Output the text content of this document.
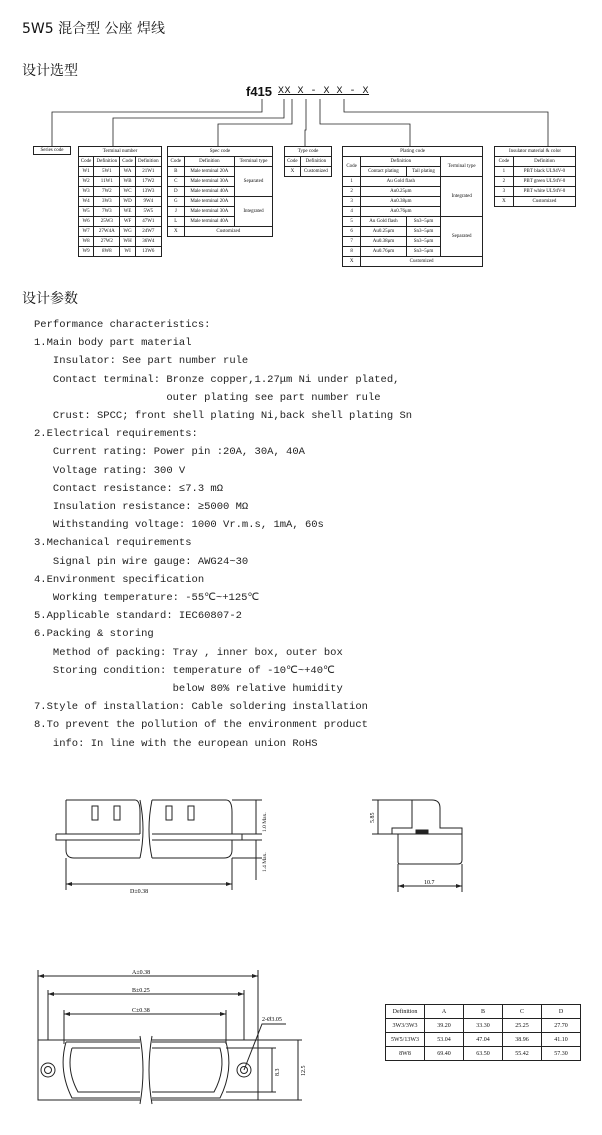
5W5 混合型 公座 焊线
设计选型
设计参数
f415 XX X - X X - X
Series code	Terminal number			
Code	Definition	Code	Definition
W1	5W1	WA	21W1
W2	11W1	WB	17W2
W3	7W2	WC	13W3
W4	3W3	WD	9W4
W5	7W3	WE	5W5
W6	25W3	WF	47W1
W7	27W4A	WG	24W7
W8	27W2	WH	36W4
W9	8W8	WI	13W6
Spec code		
Code	Definition	Terminal type
B	Male terminal 20A	Separated
C	Male terminal 30A	
D	Male terminal 40A	
G	Male terminal 20A	Integrated
J	Male terminal 30A	
L	Male terminal 40A	
X	Customized	
Type code	
Code	Definition
X	Customized
Plating code			
Code	Definition		Terminal type
	Contact plating	Tail plating	
1	Au Gold flash		Integrated
2	Au0.25μm		
3	Au0.38μm		
4	Au0.76μm		
5	Au Gold flash	Sn3~5μm	Separated
6	Au0.25μm	Sn3~5μm	
7	Au0.38μm	Sn3~5μm	
8	Au0.76μm	Sn3~5μm	
X	Customized		
Insulator material & color	
Code	Definition
1	PBT black UL94V-0
2	PBT green UL94V-0
3	PBT white UL94V-0
X	Customized
Performance characteristics:
1.Main body part material
Insulator: See part number rule
Contact terminal: Bronze copper,1.27μm Ni under plated,
outer plating see part number rule
Crust: SPCC; front shell plating Ni,back shell plating Sn
2.Electrical requirements:
Current rating: Power pin :20A, 30A, 40A
Voltage rating: 300 V
Contact resistance: ≤7.3 mΩ
Insulation resistance: ≥5000 MΩ
Withstanding voltage: 1000 Vr.m.s, 1mA, 60s
3.Mechanical requirements
Signal pin wire gauge: AWG24~30
4.Environment specification
Working temperature: -55℃~+125℃
5.Applicable standard: IEC60807-2
6.Packing & storing
Method of packing: Tray , inner box, outer box
Storing condition: temperature of -10℃~+40℃
below 80% relative humidity
7.Style of installation: Cable soldering installation
8.To prevent the pollution of the environment product
info: In line with the european union RoHS
D±0.38
1.0 Max.
1.4 Max.
5.85
10.7
A±0.38
B±0.25
C±0.38
2-Ø3.05
8.3	12.5
Definition	A	B	C	D
3W3/3W3	39.20	33.30	25.25	27.70
5W5/13W3	53.04	47.04	38.96	41.10
8W8	69.40	63.50	55.42	57.30
